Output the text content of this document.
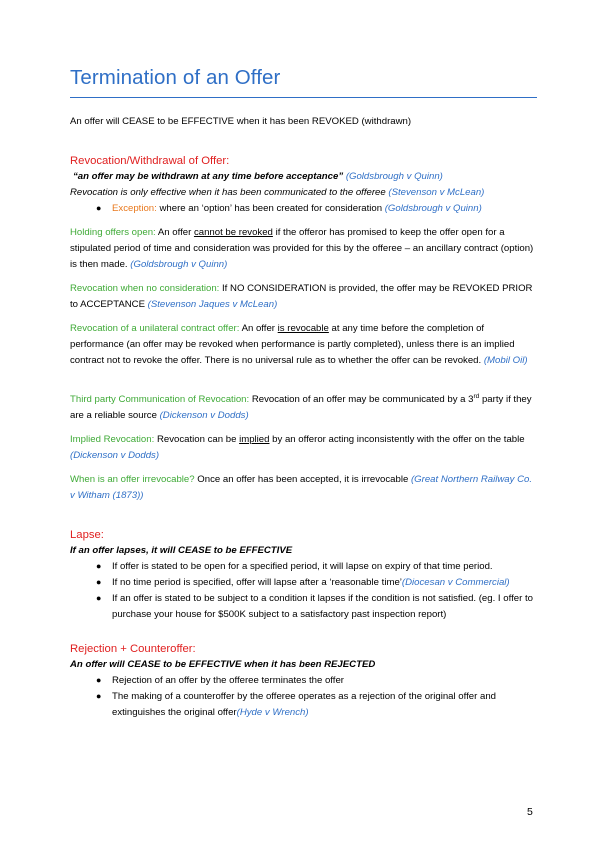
Termination of an Offer
An offer will CEASE to be EFFECTIVE when it has been REVOKED (withdrawn)
Revocation/Withdrawal of Offer:
“an offer may be withdrawn at any time before acceptance” (Goldsbrough v Quinn)
Revocation is only effective when it has been communicated to the offeree (Stevenson v McLean)
● Exception: where an ‘option’ has been created for consideration (Goldsbrough v Quinn)
Holding offers open: An offer cannot be revoked if the offeror has promised to keep the offer open for a stipulated period of time and consideration was provided for this by the offeree – an ancillary contract (option) is then made. (Goldsbrough v Quinn)
Revocation when no consideration: If NO CONSIDERATION is provided, the offer may be REVOKED PRIOR to ACCEPTANCE (Stevenson Jaques v McLean)
Revocation of a unilateral contract offer: An offer is revocable at any time before the completion of performance (an offer may be revoked when performance is partly completed), unless there is an implied contract not to revoke the offer. There is no universal rule as to whether the offer can be revoked. (Mobil Oil)
Third party Communication of Revocation: Revocation of an offer may be communicated by a 3rd party if they are a reliable source (Dickenson v Dodds)
Implied Revocation: Revocation can be implied by an offeror acting inconsistently with the offer on the table (Dickenson v Dodds)
When is an offer irrevocable? Once an offer has been accepted, it is irrevocable (Great Northern Railway Co. v Witham (1873))
Lapse:
If an offer lapses, it will CEASE to be EFFECTIVE
● If offer is stated to be open for a specified period, it will lapse on expiry of that time period.
● If no time period is specified, offer will lapse after a ‘reasonable time’(Diocesan v Commercial)
● If an offer is stated to be subject to a condition it lapses if the condition is not satisfied. (eg. I offer to purchase your house for $500K subject to a satisfactory past inspection report)
Rejection + Counteroffer:
An offer will CEASE to be EFFECTIVE when it has been REJECTED
● Rejection of an offer by the offeree terminates the offer
● The making of a counteroffer by the offeree operates as a rejection of the original offer and extinguishes the original offer(Hyde v Wrench)
5
